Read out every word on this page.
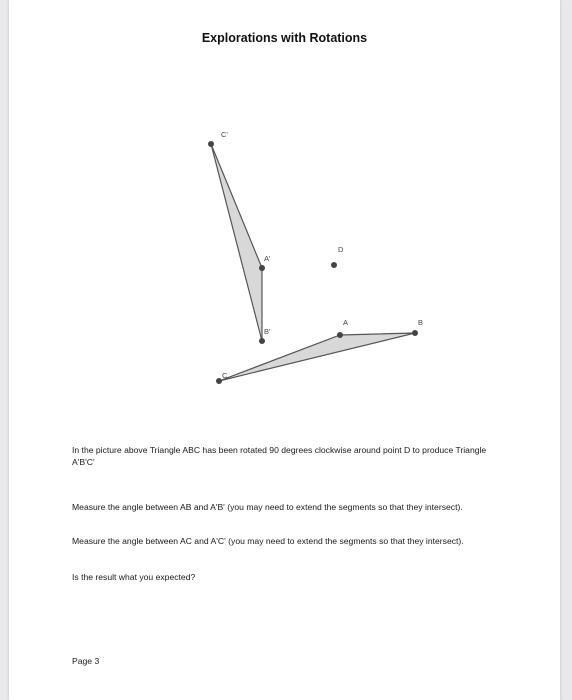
Explorations with Rotations
C'
A'
B'
D
A	B
C

In the picture above Triangle ABC has been rotated 90 degrees clockwise around point D to produce Triangle A'B'C'

Measure the angle between AB and A'B' (you may need to extend the segments so that they intersect).

Measure the angle between AC and A'C' (you may need to extend the segments so that they intersect).

Is the result what you expected?

Page 3
